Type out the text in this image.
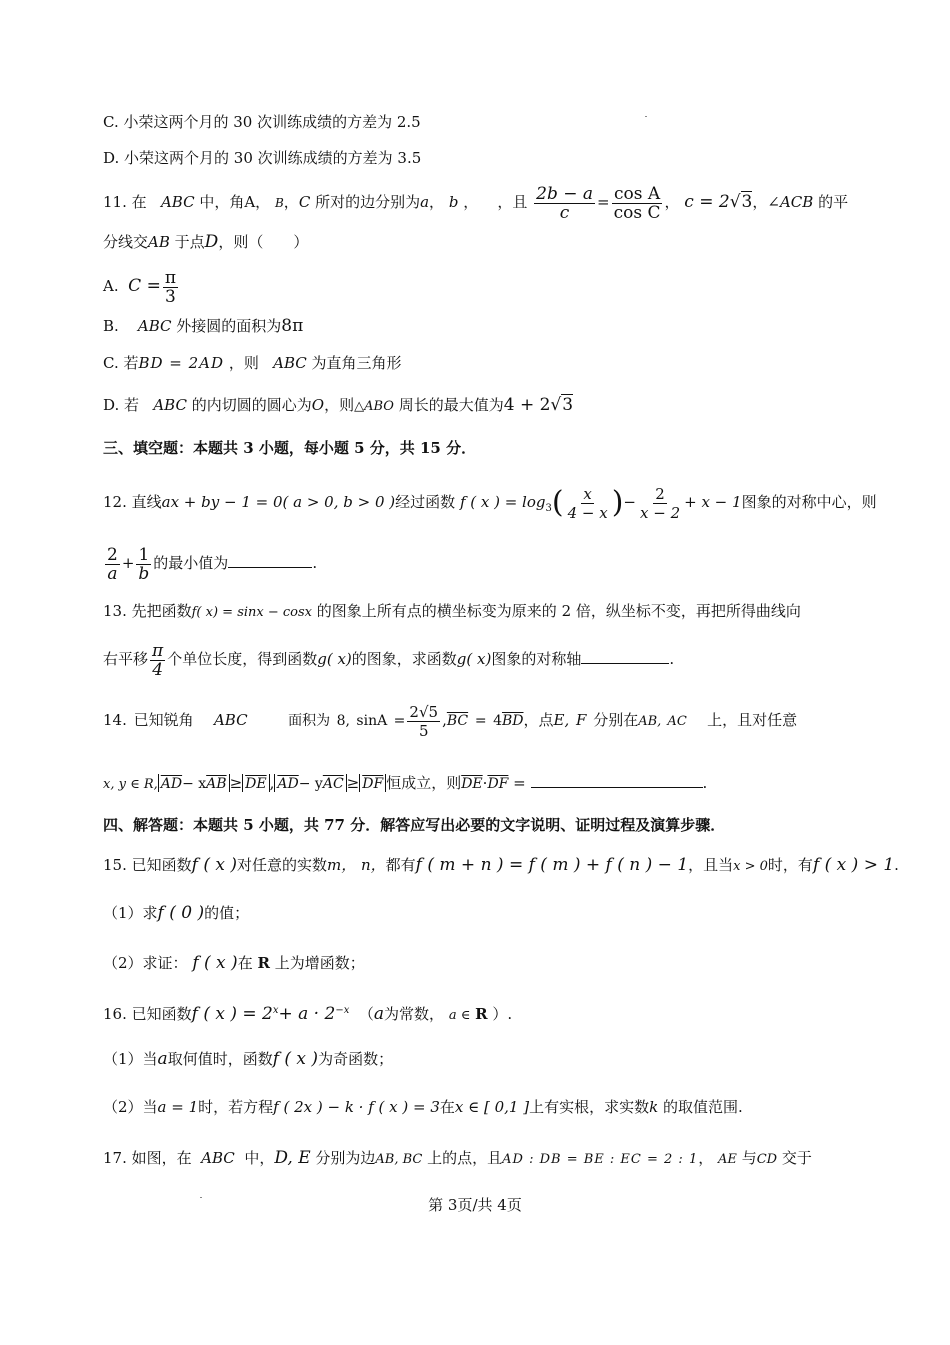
C. 小荣这两个月的 30 次训练成绩的方差为 2.5
D. 小荣这两个月的 30 次训练成绩的方差为 3.5
11. 在 ABC 中，角A， B，C 所对的边分别为a， b ， ，且 $\frac{2b - a}{c} = \frac{\text{cos A}}{\text{cos C}}$ ， c = 2√3，∠ACB 的平
分线交AB 于点D，则（　　）
A. $C = \frac{\pi}{3}$
B. ABC 外接圆的面积为8π
C. 若BD = 2AD ，则   ABC 为直角三角形
D. 若 ABC 的内切圆的圆心为O，则△ABO 周长的最大值为4 + 2√3
三、填空题：本题共 3 小题，每小题 5 分，共 15 分．
12. 直线ax + by − 1 = 0( a > 0, b > 0 )经过函数 f ( x ) = $\log_3( \frac{x}{4 - x}$ )− $\frac{2}{x - 2} + x - 1$图象的对称中心，则
$\frac{2}{a} + \frac{1}{b}$ 的最小值为	.
13. 先把函数f( x) = sinx − cosx 的图象上所有点的横坐标变为原来的 2 倍，纵坐标不变，再把所得曲线向
右平移 $\frac{\pi}{4}$ 个单位长度，得到函数g( x)的图象，求函数g( x)图象的对称轴	.
14. 已知锐角 ABC	面积为 8, $\sin A = \frac{2√5}{5} ,\overline{BC} = 4\overline{BD}$，点E, F 分别在AB, AC 上，且对任意
x, y ∈ R, $\overline{AD}- x\overline{AB} \ge \overline{DE}$ , $\overline{AD}- y\overline{AC} \ge \overline{DF}$ 恒成立，则$\overline{DE}\cdot\overline{DF}$ =	.
四、解答题：本题共 5 小题，共 77 分．解答应写出必要的文字说明、证明过程及演算步骤．
15. 已知函数f ( x )对任意的实数m， n，都有f ( m + n ) = f ( m ) + f ( n ) − 1，且当x > 0时，有f ( x ) > 1.
（1）求f ( 0 )的值；
（2）求证： f ( x )在 R 上为增函数；
16. 已知函数f ( x ) = $2^x+ a \cdot 2^{-x}$ （a为常数， a ∈ R ）.
（1）当a取何值时，函数f ( x )为奇函数；
（2）当a = 1时，若方程f ( 2x ) − k · f ( x ) = 3在x ∈ [ 0,1 ]上有实根，求实数k 的取值范围.
17. 如图，在 ABC 中，D, E 分别为边AB, BC 上的点，且AD : DB = BE : EC = 2 : 1， AE 与CD 交于
第 3页/共 4页
